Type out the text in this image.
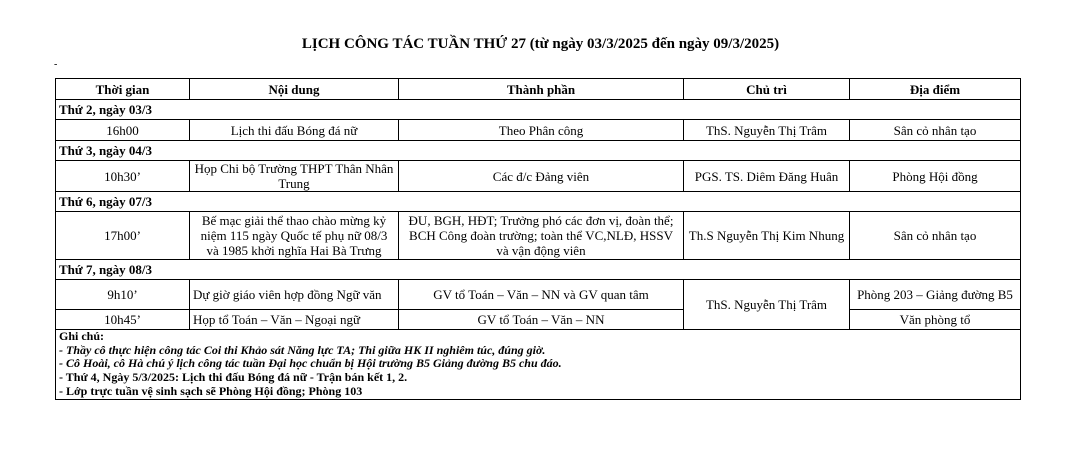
LỊCH CÔNG TÁC TUẦN THỨ 27 (từ ngày 03/3/2025 đến ngày 09/3/2025)
-
Thời gian	Nội dung	Thành phần	Chủ trì	Địa điểm
Thứ 2, ngày 03/3				
16h00	Lịch thi đấu Bóng đá nữ	Theo Phân công	ThS. Nguyễn Thị Trâm	Sân cỏ nhân tạo
Thứ 3, ngày 04/3				
10h30’	Họp Chi bộ Trường THPT Thân Nhân Trung	Các đ/c Đảng viên	PGS. TS. Diêm Đăng Huân	Phòng Hội đồng
Thứ 6, ngày 07/3				
17h00’	Bế mạc giải thể thao chào mừng kỷ niệm 115 ngày Quốc tế phụ nữ 08/3 và 1985 khởi nghĩa Hai Bà Trưng	ĐU, BGH, HĐT; Trưởng phó các đơn vị, đoàn thể; BCH Công đoàn trường; toàn thể VC,NLĐ, HSSV và vận động viên	Th.S Nguyễn Thị Kim Nhung	Sân cỏ nhân tạo
Thứ 7, ngày 08/3				
9h10’	Dự giờ giáo viên hợp đồng Ngữ văn	GV tổ Toán – Văn – NN và GV quan tâm	ThS. Nguyễn Thị Trâm	Phòng 203 – Giảng đường B5
10h45’	Họp tổ Toán – Văn – Ngoại ngữ	GV tổ Toán – Văn – NN		Văn phòng tổ

Ghi chú:
- Thầy cô thực hiện công tác Coi thi Khảo sát Năng lực TA; Thi giữa HK II nghiêm túc, đúng giờ.
- Cô Hoài, cô Hà chú ý lịch công tác tuần Đại học chuẩn bị Hội trường B5 Giảng đường B5 chu đáo.
- Thứ 4, Ngày 5/3/2025: Lịch thi đấu Bóng đá nữ - Trận bán kết 1, 2.
- Lớp trực tuần vệ sinh sạch sẽ Phòng Hội đồng; Phòng 103				
